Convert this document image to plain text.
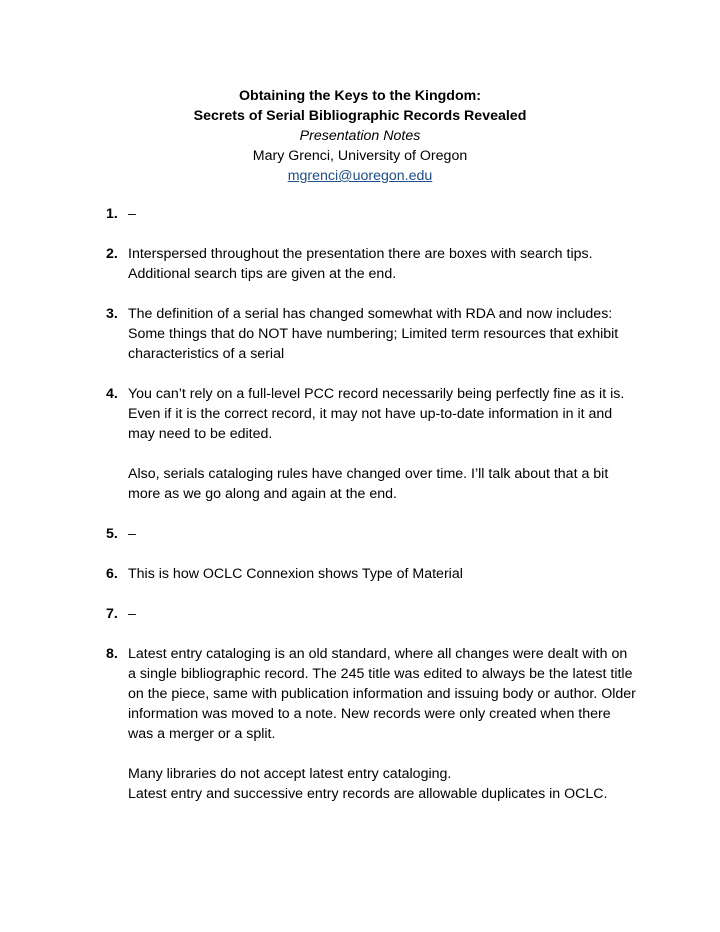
Obtaining the Keys to the Kingdom:
Secrets of Serial Bibliographic Records Revealed
Presentation Notes
Mary Grenci, University of Oregon
mgrenci@uoregon.edu
1. –

2. Interspersed throughout the presentation there are boxes with search tips. Additional search tips are given at the end.

3. The definition of a serial has changed somewhat with RDA and now includes: Some things that do NOT have numbering; Limited term resources that exhibit characteristics of a serial

4. You can’t rely on a full-level PCC record necessarily being perfectly fine as it is. Even if it is the correct record, it may not have up-to-date information in it and may need to be edited.

Also, serials cataloging rules have changed over time. I’ll talk about that a bit more as we go along and again at the end.

5. –

6. This is how OCLC Connexion shows Type of Material

7. –

8. Latest entry cataloging is an old standard, where all changes were dealt with on a single bibliographic record. The 245 title was edited to always be the latest title on the piece, same with publication information and issuing body or author. Older information was moved to a note. New records were only created when there was a merger or a split.

Many libraries do not accept latest entry cataloging.

Latest entry and successive entry records are allowable duplicates in OCLC.
